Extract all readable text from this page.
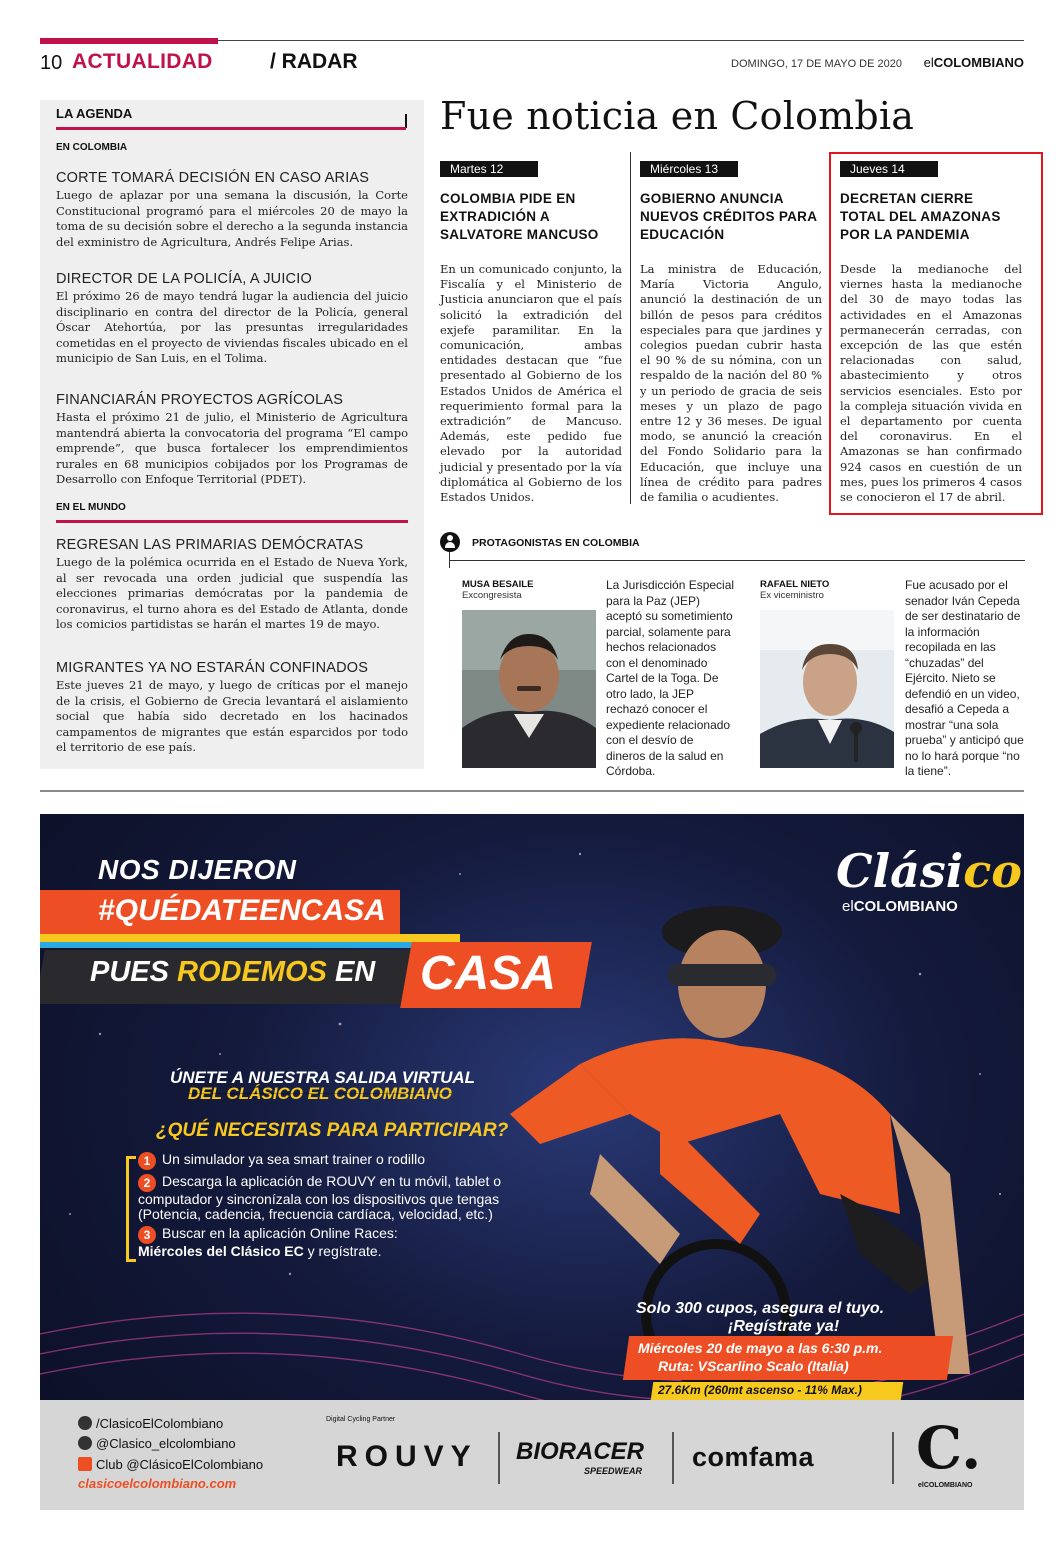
10 ACTUALIDAD	/ RADAR	DOMINGO, 17 DE MAYO DE 2020 elCOLOMBIANO
LA AGENDA
EN COLOMBIA
CORTE TOMARÁ DECISIÓN EN CASO ARIAS

Luego de aplazar por una semana la discusión, la Corte Constitucional programó para el miércoles 20 de mayo la toma de su decisión sobre el derecho a la segunda instancia del exministro de Agricultura, Andrés Felipe Arias.

DIRECTOR DE LA POLICÍA, A JUICIO

El próximo 26 de mayo tendrá lugar la audiencia del juicio disciplinario en contra del director de la Policía, general Óscar Atehortúa, por las presuntas irregularidades cometidas en el proyecto de viviendas fiscales ubicado en el municipio de San Luis, en el Tolima.

FINANCIARÁN PROYECTOS AGRÍCOLAS

Hasta el próximo 21 de julio, el Ministerio de Agricultura mantendrá abierta la convocatoria del programa “El campo emprende”, que busca fortalecer los emprendimientos rurales en 68 municipios cobijados por los Programas de Desarrollo con Enfoque Territorial (PDET).

EN EL MUNDO
REGRESAN LAS PRIMARIAS DEMÓCRATAS

Luego de la polémica ocurrida en el Estado de Nueva York, al ser revocada una orden judicial que suspendía las elecciones primarias demócratas por la pandemia de coronavirus, el turno ahora es del Estado de Atlanta, donde los comicios partidistas se harán el martes 19 de mayo.

MIGRANTES YA NO ESTARÁN CONFINADOS

Este jueves 21 de mayo, y luego de críticas por el manejo de la crisis, el Gobierno de Grecia levantará el aislamiento social que había sido decretado en los hacinados campamentos de migrantes que están esparcidos por todo el territorio de ese país.

Fue noticia en Colombia
Martes 12
COLOMBIA PIDE EN EXTRADICIÓN A SALVATORE MANCUSO

En un comunicado conjunto, la Fiscalía y el Ministerio de Justicia anunciaron que el país solicitó la extradición del exjefe paramilitar. En la comunicación, ambas entidades destacan que “fue presentado al Gobierno de los Estados Unidos de América el requerimiento formal para la extradición” de Mancuso. Además, este pedido fue elevado por la autoridad judicial y presentado por la vía diplomática al Gobierno de los Estados Unidos.

Miércoles 13
GOBIERNO ANUNCIA NUEVOS CRÉDITOS PARA EDUCACIÓN

La ministra de Educación, María Victoria Angulo, anunció la destinación de un billón de pesos para créditos especiales para que jardines y colegios puedan cubrir hasta el 90 % de su nómina, con un respaldo de la nación del 80 % y un periodo de gracia de seis meses y un plazo de pago entre 12 y 36 meses. De igual modo, se anunció la creación del Fondo Solidario para la Educación, que incluye una línea de crédito para padres de familia o acudientes.

Jueves 14
DECRETAN CIERRE TOTAL DEL AMAZONAS POR LA PANDEMIA

Desde la medianoche del viernes hasta la medianoche del 30 de mayo todas las actividades en el Amazonas permanecerán cerradas, con excepción de las que estén relacionadas con salud, abastecimiento y otros servicios esenciales. Esto por la compleja situación vivida en el departamento por cuenta del coronavirus. En el Amazonas se han confirmado 924 casos en cuestión de un mes, pues los primeros 4 casos se conocieron el 17 de abril.

PROTAGONISTAS EN COLOMBIA
MUSA BESAILE
Excongresista
La Jurisdicción Especial para la Paz (JEP) aceptó su sometimiento parcial, solamente para hechos relacionados con el denominado Cartel de la Toga. De otro lado, la JEP rechazó conocer el expediente relacionado con el desvío de dineros de la salud en Córdoba.
RAFAEL NIETO
Ex viceministro
Fue acusado por el senador Iván Cepeda de ser destinatario de la información recopilada en las “chuzadas” del Ejército. Nieto se defendió en un video, desafió a Cepeda a mostrar “una sola prueba” y anticipó que no lo hará porque “no la tiene”.
NOS DIJERON
#QUÉDATEENCASA
PUES RODEMOS EN CASA
Clásico
elCOLOMBIANO
ÚNETE A NUESTRA SALIDA VIRTUAL
DEL CLÁSICO EL COLOMBIANO
¿QUÉ NECESITAS PARA PARTICIPAR?
1 Un simulador ya sea smart trainer o rodillo
2 Descarga la aplicación de ROUVY en tu móvil, tablet o computador y sincronízala con los dispositivos que tengas (Potencia, cadencia, frecuencia cardíaca, velocidad, etc.)
3 Buscar en la aplicación Online Races:
Miércoles del Clásico EC y regístrate.
Solo 300 cupos, asegura el tuyo.
¡Regístrate ya!
Miércoles 20 de mayo a las 6:30 p.m.
Ruta: VScarlino Scalo (Italia)
27.6Km (260mt ascenso - 11% Max.)
/ClasicoElColombiano
@Clasico_elcolombiano
Club @ClásicoElColombiano
clasicoelcolombiano.com
Digital Cycling Partner
ROUVY BIORACER
SPEEDWEAR comfama C.
elCOLOMBIANO
